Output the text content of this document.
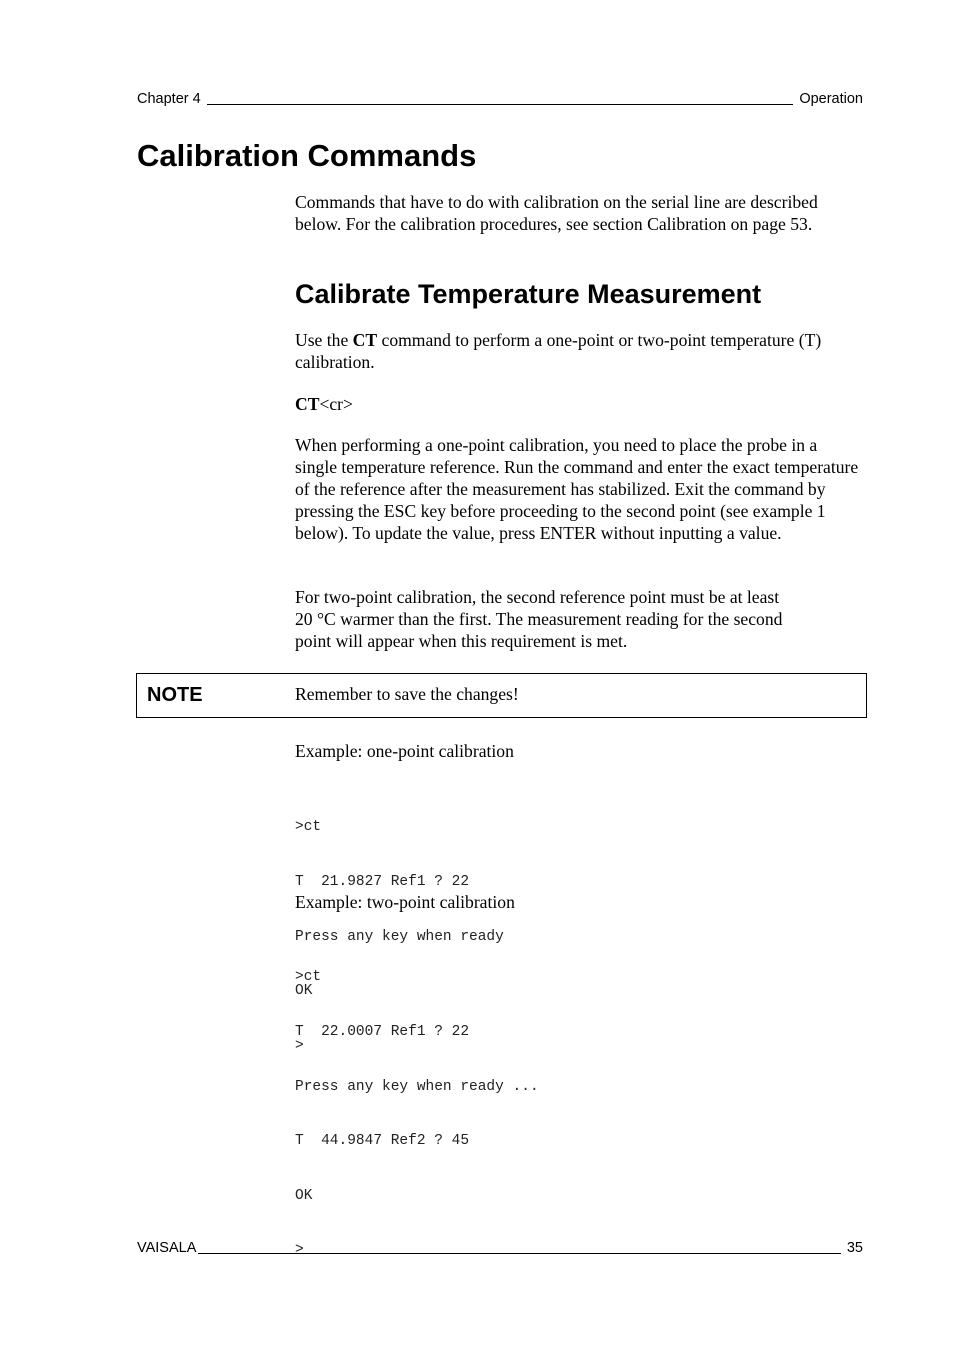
Chapter 4	Operation
Calibration Commands

Commands that have to do with calibration on the serial line are described below. For the calibration procedures, see section Calibration on page 53.

Calibrate Temperature Measurement

Use the CT command to perform a one-point or two-point temperature (T) calibration.

CT<cr>

When performing a one-point calibration, you need to place the probe in a single temperature reference. Run the command and enter the exact temperature of the reference after the measurement has stabilized. Exit the command by pressing the ESC key before proceeding to the second point (see example 1 below). To update the value, press ENTER without inputting a value.

For two-point calibration, the second reference point must be at least
20 °C warmer than the first. The measurement reading for the second
point will appear when this requirement is met.

NOTE	Remember to save the changes!

Example: one-point calibration

>ct

T  21.9827 Ref1 ? 22

Press any key when ready

OK

>

Example: two-point calibration

>ct

T  22.0007 Ref1 ? 22

Press any key when ready ...

T  44.9847 Ref2 ? 45

OK

>

VAISALA	35
